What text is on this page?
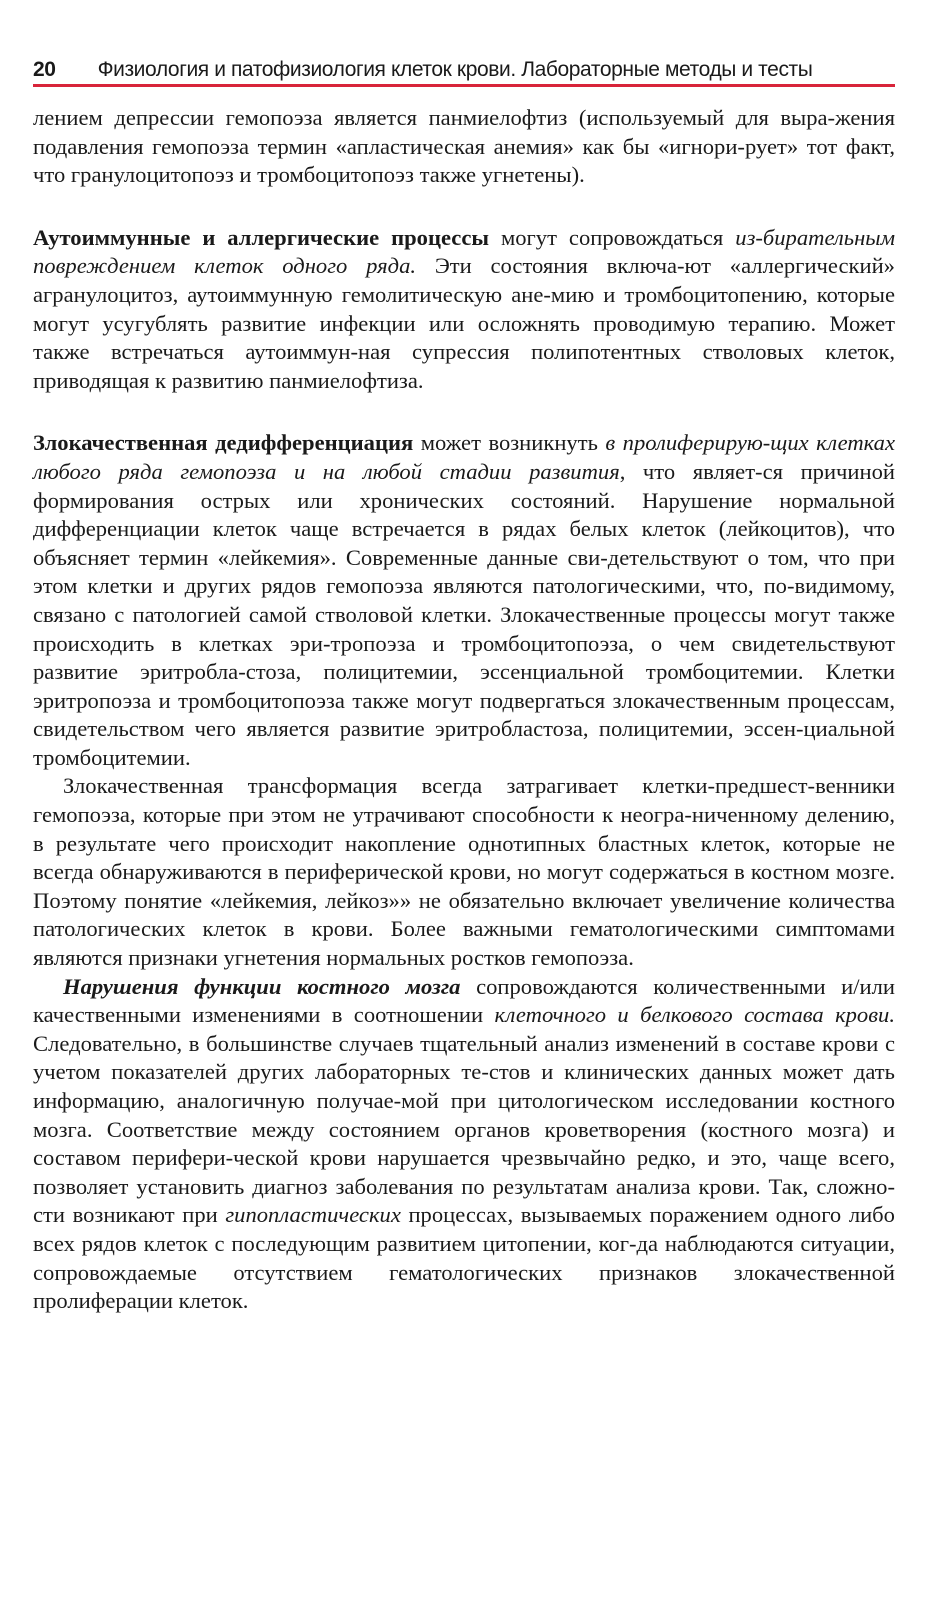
20 Физиология и патофизиология клеток крови. Лабораторные методы и тесты

лением депрессии гемопоэза является панмиелофтиз (используемый для выра-жения подавления гемопоэза термин «апластическая анемия» как бы «игнори-рует» тот факт, что гранулоцитопоэз и тромбоцитопоэз также угнетены).

Аутоиммунные и аллергические процессы могут сопровождаться из-бирательным повреждением клеток одного ряда. Эти состояния включа-ют «аллергический» агранулоцитоз, аутоиммунную гемолитическую ане-мию и тромбоцитопению, которые могут усугублять развитие инфекции или осложнять проводимую терапию. Может также встречаться аутоиммун-ная супрессия полипотентных стволовых клеток, приводящая к развитию панмиелофтиза.

Злокачественная дедифференциация может возникнуть в пролиферирую-щих клетках любого ряда гемопоэза и на любой стадии развития, что являет-ся причиной формирования острых или хронических состояний. Нарушение нормальной дифференциации клеток чаще встречается в рядах белых клеток (лейкоцитов), что объясняет термин «лейкемия». Современные данные сви-детельствуют о том, что при этом клетки и других рядов гемопоэза являются патологическими, что, по-видимому, связано с патологией самой стволовой клетки. Злокачественные процессы могут также происходить в клетках эри-тропоэза и тромбоцитопоэза, о чем свидетельствуют развитие эритробла-стоза, полицитемии, эссенциальной тромбоцитемии. Клетки эритропоэза и тромбоцитопоэза также могут подвергаться злокачественным процессам, свидетельством чего является развитие эритробластоза, полицитемии, эссен-циальной тромбоцитемии.

Злокачественная трансформация всегда затрагивает клетки-предшест-венники гемопоэза, которые при этом не утрачивают способности к неогра-ниченному делению, в результате чего происходит накопление однотипных бластных клеток, которые не всегда обнаруживаются в периферической крови, но могут содержаться в костном мозге. Поэтому понятие «лейкемия, лейкоз»» не обязательно включает увеличение количества патологических клеток в крови. Более важными гематологическими симптомами являются признаки угнетения нормальных ростков гемопоэза.

Нарушения функции костного мозга сопровождаются количественными и/или качественными изменениями в соотношении клеточного и белкового состава крови. Следовательно, в большинстве случаев тщательный анализ изменений в составе крови с учетом показателей других лабораторных те-стов и клинических данных может дать информацию, аналогичную получае-мой при цитологическом исследовании костного мозга. Соответствие между состоянием органов кроветворения (костного мозга) и составом перифери-ческой крови нарушается чрезвычайно редко, и это, чаще всего, позволяет установить диагноз заболевания по результатам анализа крови. Так, сложно-сти возникают при гипопластических процессах, вызываемых поражением одного либо всех рядов клеток с последующим развитием цитопении, ког-да наблюдаются ситуации, сопровождаемые отсутствием гематологических признаков злокачественной пролиферации клеток.
